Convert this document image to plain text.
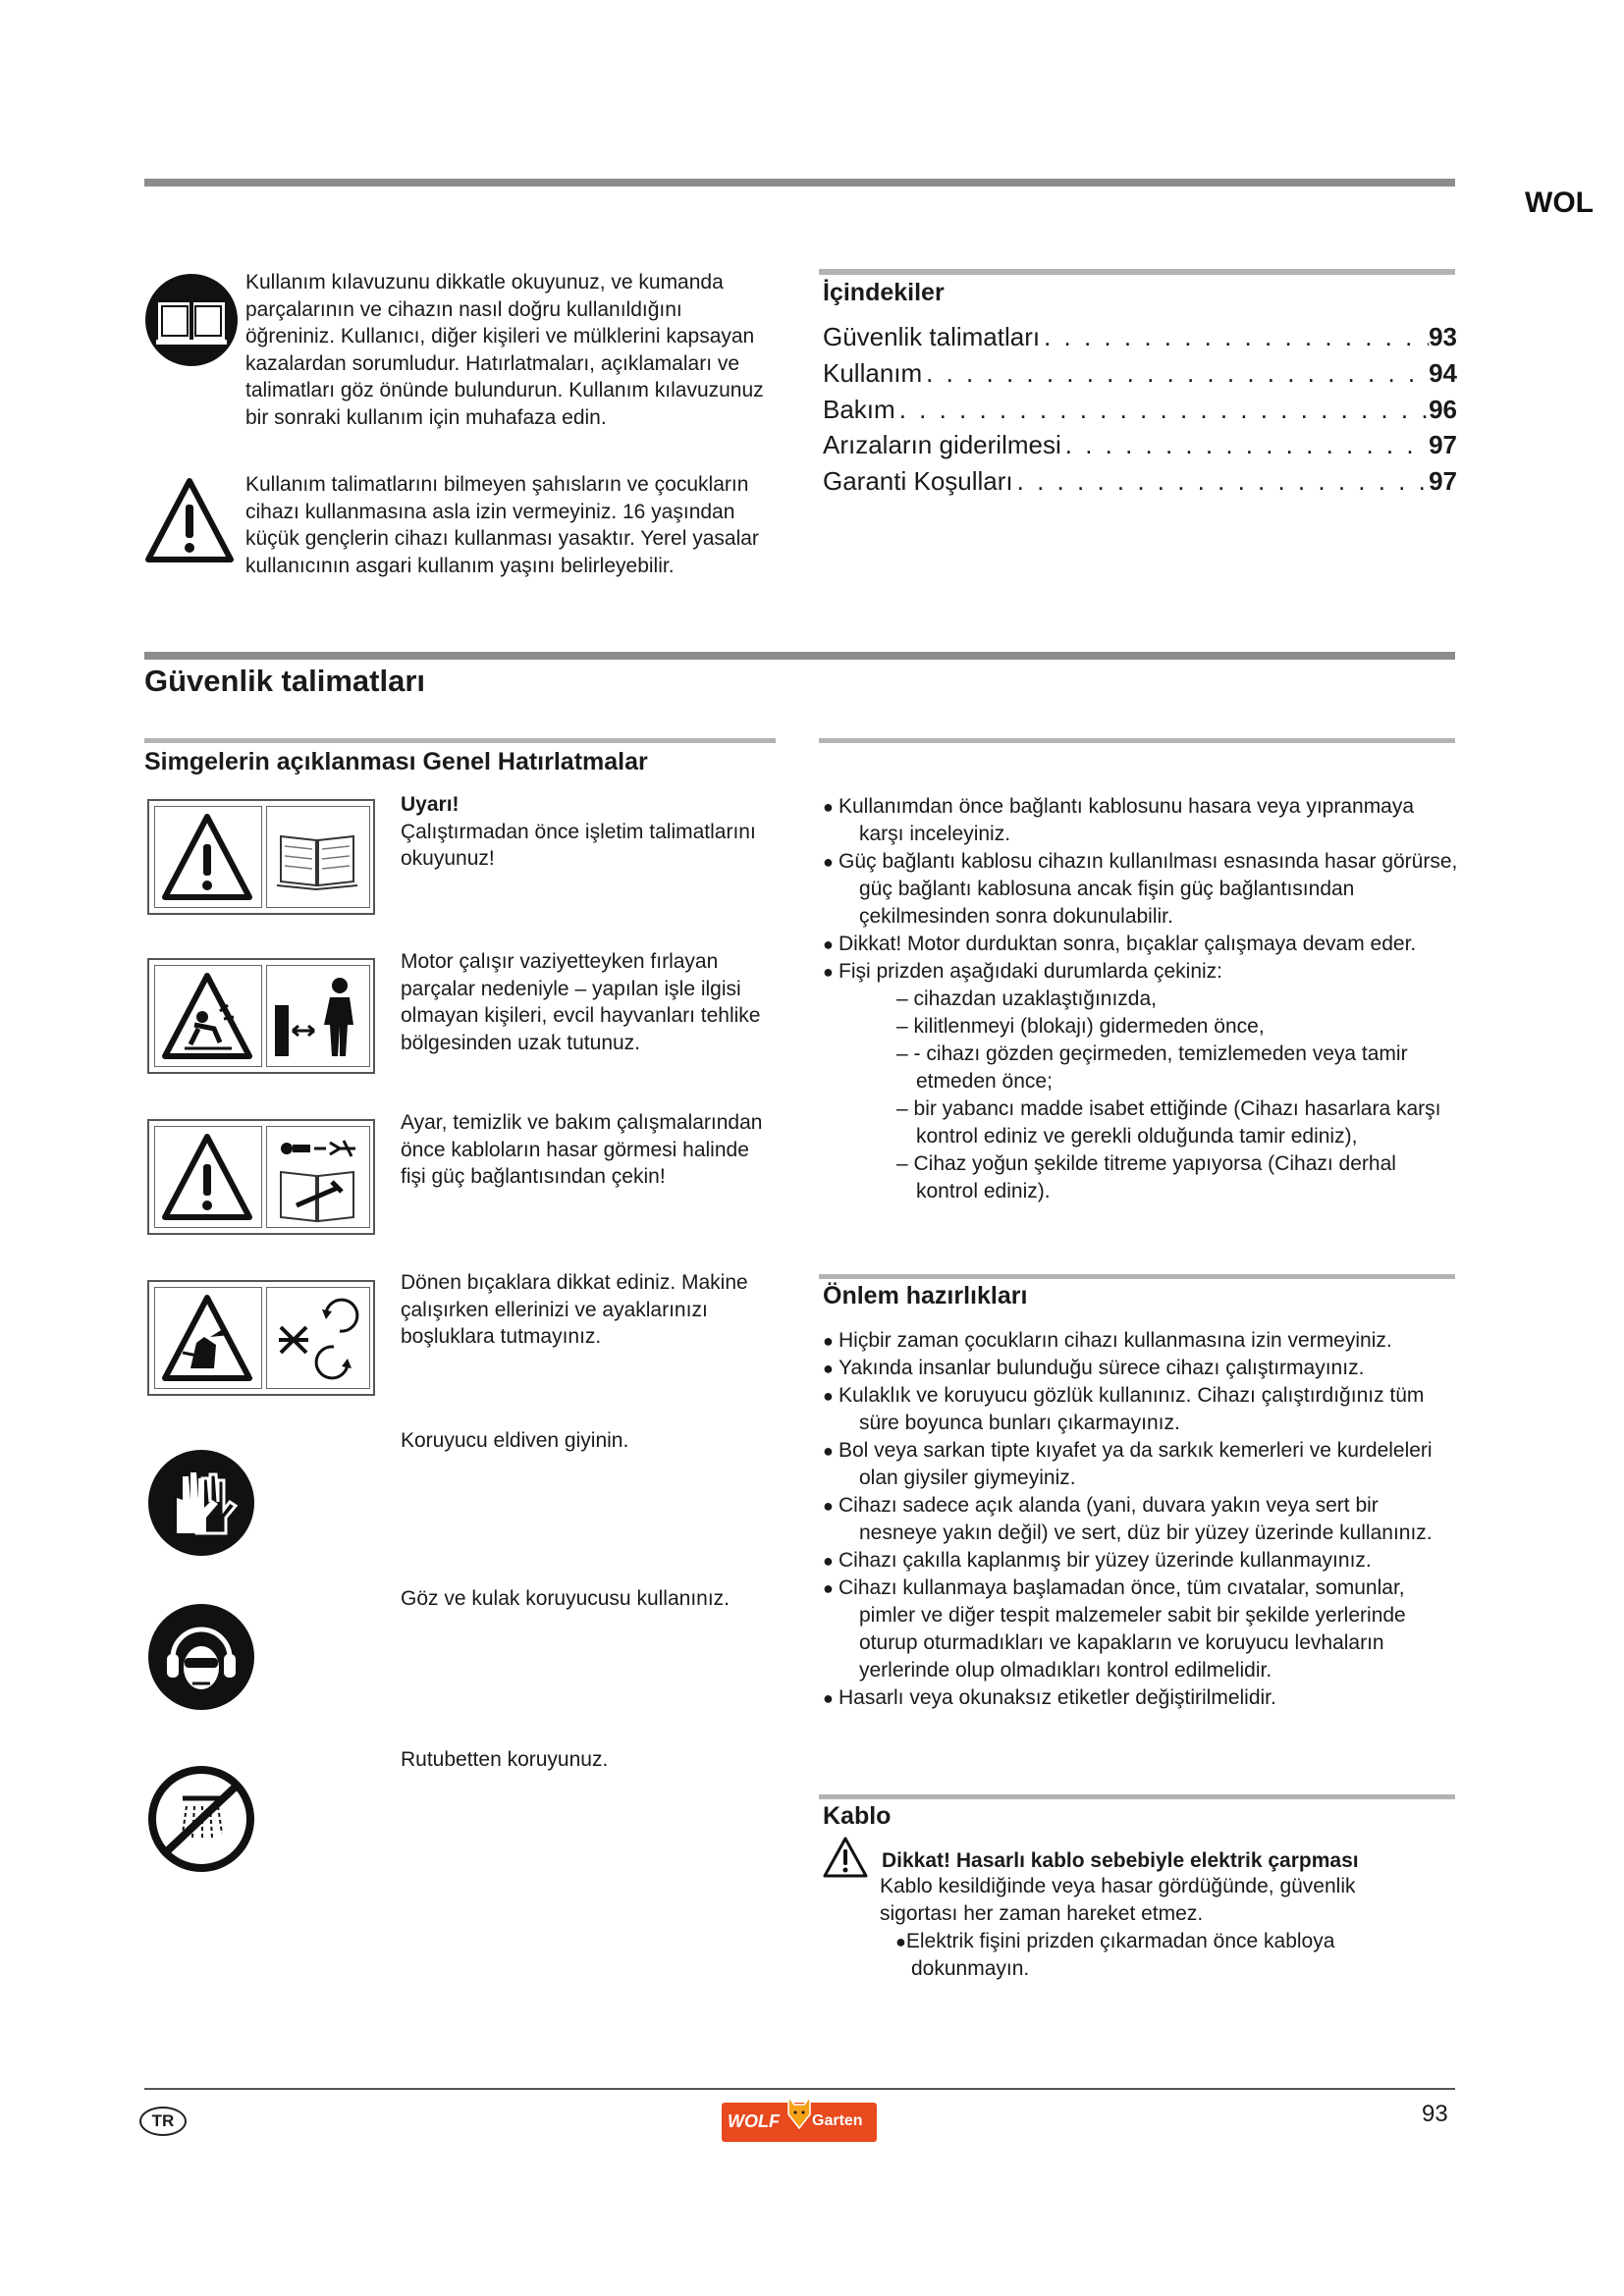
WOL
Kullanım kılavuzunu dikkatle okuyunuz, ve kumanda parçalarının ve cihazın nasıl doğru kullanıldığını öğreniniz. Kullanıcı, diğer kişileri ve mülklerini kapsayan kazalardan sorumludur. Hatırlatmaları, açıklamaları ve talimatları göz önünde bulundurun. Kullanım kılavuzunuz bir sonraki kullanım için muhafaza edin.
Kullanım talimatlarını bilmeyen şahısların ve çocukların cihazı kullanmasına asla izin vermeyiniz. 16 yaşından küçük gençlerin cihazı kullanması yasaktır. Yerel yasalar kullanıcının asgari kullanım yaşını belirleyebilir.
İçindekiler
Güvenlik talimatları . . .	93
Kullanım . . .	94
Bakım . . .	96
Arızaların giderilmesi . . .	97
Garanti Koşulları . . .	97
Güvenlik talimatları
Simgelerin açıklanması Genel Hatırlatmalar
Uyarı!
Çalıştırmadan önce işletim talimatlarını okuyunuz!
Motor çalışır vaziyetteyken fırlayan parçalar nedeniyle – yapılan işle ilgisi olmayan kişileri, evcil hayvanları tehlike bölgesinden uzak tutunuz.
Ayar, temizlik ve bakım çalışmalarından önce kabloların hasar görmesi halinde fişi güç bağlantısından çekin!
Dönen bıçaklara dikkat ediniz. Makine çalışırken ellerinizi ve ayaklarınızı boşluklara tutmayınız.
Koruyucu eldiven giyinin.
Göz ve kulak koruyucusu kullanınız.
Rutubetten koruyunuz.
● Kullanımdan önce bağlantı kablosunu hasara veya yıpranmaya karşı inceleyiniz.
● Güç bağlantı kablosu cihazın kullanılması esnasında hasar görürse, güç bağlantı kablosuna ancak fişin güç bağlantısından çekilmesinden sonra dokunulabilir.
● Dikkat! Motor durduktan sonra, bıçaklar çalışmaya devam eder.
● Fişi prizden aşağıdaki durumlarda çekiniz:
– cihazdan uzaklaştığınızda,
– kilitlenmeyi (blokajı) gidermeden önce,
– - cihazı gözden geçirmeden, temizlemeden veya tamir etmeden önce;
– bir yabancı madde isabet ettiğinde (Cihazı hasarlara karşı kontrol ediniz ve gerekli olduğunda tamir ediniz),
– Cihaz yoğun şekilde titreme yapıyorsa (Cihazı derhal kontrol ediniz).
Önlem hazırlıkları
● Hiçbir zaman çocukların cihazı kullanmasına izin vermeyiniz.
● Yakında insanlar bulunduğu sürece cihazı çalıştırmayınız.
● Kulaklık ve koruyucu gözlük kullanınız. Cihazı çalıştırdığınız tüm süre boyunca bunları çıkarmayınız.
● Bol veya sarkan tipte kıyafet ya da sarkık kemerleri ve kurdeleleri olan giysiler giymeyiniz.
● Cihazı sadece açık alanda (yani, duvara yakın veya sert bir nesneye yakın değil) ve sert, düz bir yüzey üzerinde kullanınız.
● Cihazı çakılla kaplanmış bir yüzey üzerinde kullanmayınız.
● Cihazı kullanmaya başlamadan önce, tüm cıvatalar, somunlar, pimler ve diğer tespit malzemeler sabit bir şekilde yerlerinde oturup oturmadıkları ve kapakların ve koruyucu levhaların yerlerinde olup olmadıkları kontrol edilmelidir.
● Hasarlı veya okunaksız etiketler değiştirilmelidir.
Kablo
Dikkat! Hasarlı kablo sebebiyle elektrik çarpması
Kablo kesildiğinde veya hasar gördüğünde, güvenlik sigortası her zaman hareket etmez.
●Elektrik fişini prizden çıkarmadan önce kabloya dokunmayın.
TR	WOLF Garten	93
